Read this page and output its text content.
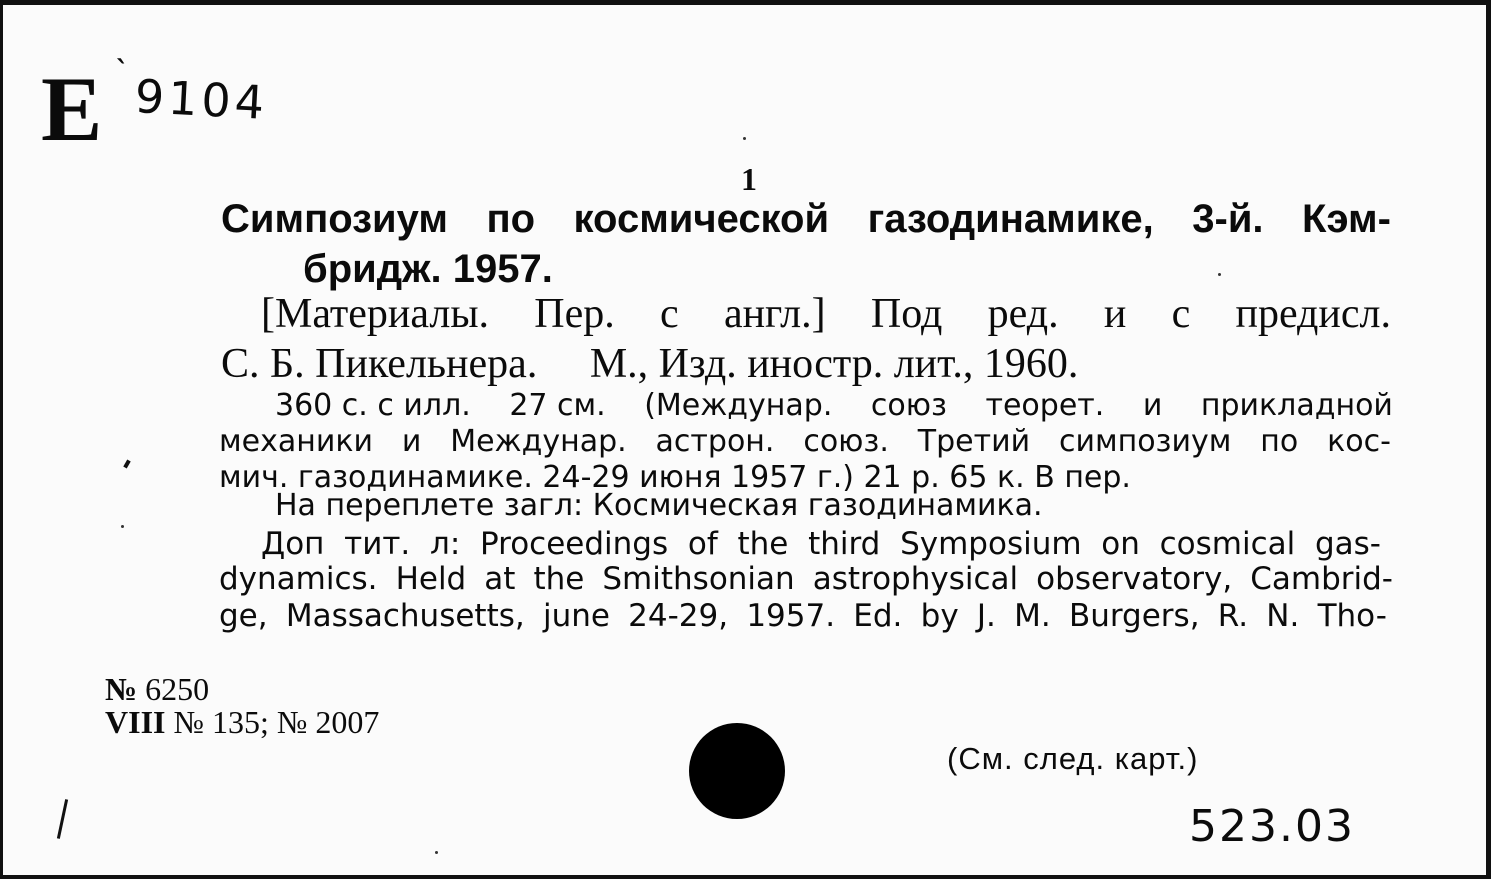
Е ˋ 9104
1
Симпозиум по космической газодинамике, 3-й. Кэм-
бридж. 1957.
[Материалы. Пер. с англ.] Под ред. и с предисл.
С. Б. Пикельнера.     М., Изд. иностр. лит., 1960.
360 с. с илл. 27 см. (Междунар. союз теорет. и прикладной
механики и Междунар. астрон. союз. Третий симпозиум по кос-
мич. газодинамике. 24-29 июня 1957 г.) 21 р. 65 к. В пер.
На переплете загл: Космическая газодинамика.
Доп тит. л: Proceedings of the third Symposium on cosmical gas-
dynamics. Held at the Smithsonian astrophysical observatory, Cambrid-
ge, Massachusetts, june 24-29, 1957. Ed. by J. M. Burgers, R. N. Tho-
№ 6250
VIII № 135; № 2007
(См. след. карт.)
523.03
